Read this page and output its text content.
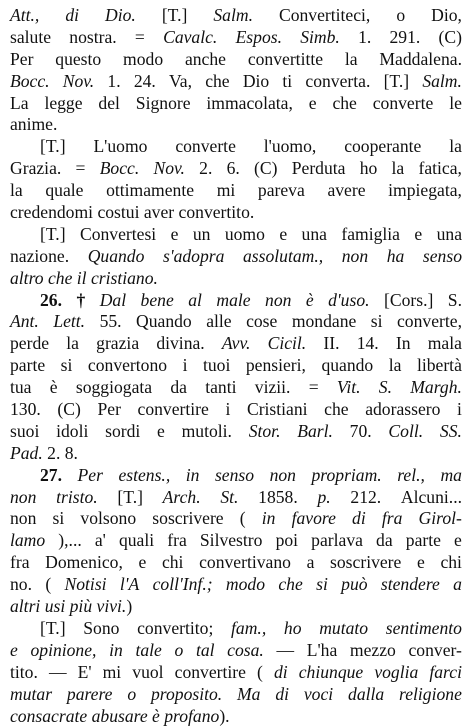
Att., di Dio. [T.] Salm. Convertiteci, o Dio,
salute nostra. = Cavalc. Espos. Simb. 1. 291. (C)
Per questo modo anche convertitte la Maddalena.
Bocc. Nov. 1. 24. Va, che Dio ti converta. [T.] Salm.
La legge del Signore immacolata, e che converte le
anime.
[T.] L'uomo converte l'uomo, cooperante la
Grazia. = Bocc. Nov. 2. 6. (C) Perduta ho la fatica,
la quale ottimamente mi pareva avere impiegata,
credendomi costui aver convertito.
[T.] Convertesi e un uomo e una famiglia e una
nazione. Quando s'adopra assolutam., non ha senso
altro che il cristiano.
26. † Dal bene al male non è d'uso. [Cors.] S.
Ant. Lett. 55. Quando alle cose mondane si converte,
perde la grazia divina. Avv. Cicil. II. 14. In mala
parte si convertono i tuoi pensieri, quando la libertà
tua è soggiogata da tanti vizii. = Vit. S. Margh.
130. (C) Per convertire i Cristiani che adorassero i
suoi idoli sordi e mutoli. Stor. Barl. 70. Coll. SS.
Pad. 2. 8.
27. Per estens., in senso non propriam. rel., ma
non tristo. [T.] Arch. St. 1858. p. 212. Alcuni...
non si volsono soscrivere ( in favore di fra Girol-
lamo ),... a' quali fra Silvestro poi parlava da parte e
fra Domenico, e chi convertivano a soscrivere e chi
no. ( Notisi l'A coll'Inf.; modo che si può stendere a
altri usi più vivi.)
[T.] Sono convertito; fam., ho mutato sentimento
e opinione, in tale o tal cosa. — L'ha mezzo conver-
tito. — E' mi vuol convertire ( di chiunque voglia farci
mutar parere o proposito. Ma di voci dalla religione
consacrate abusare è profano).
